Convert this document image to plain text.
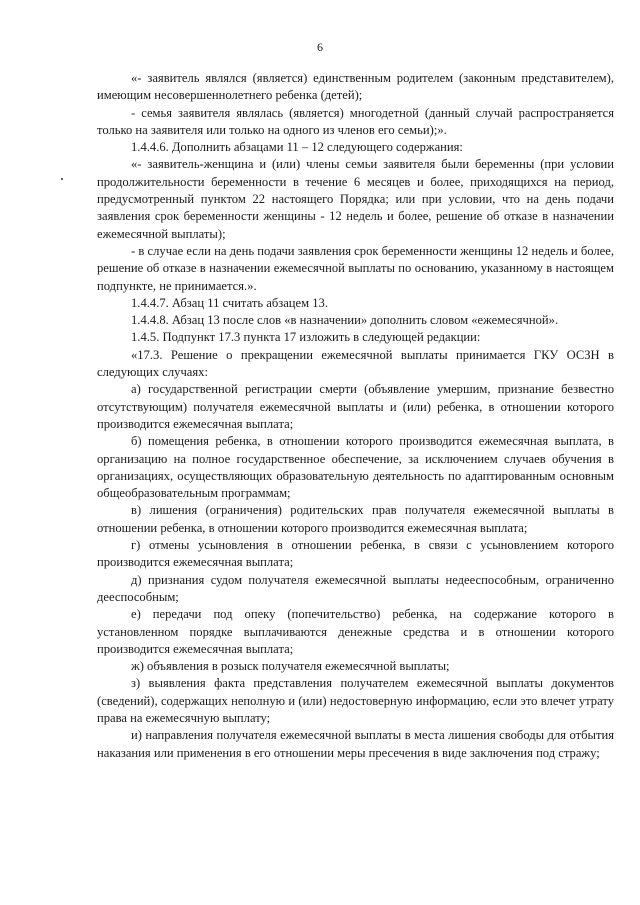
6

«- заявитель являлся (является) единственным родителем (законным представителем), имеющим несовершеннолетнего ребенка (детей);

- семья заявителя являлась (является) многодетной (данный случай распространяется только на заявителя или только на одного из членов его семьи);».

1.4.4.6. Дополнить абзацами 11 – 12 следующего содержания:

«- заявитель-женщина и (или) члены семьи заявителя были беременны (при условии продолжительности беременности в течение 6 месяцев и более, приходящихся на период, предусмотренный пунктом 22 настоящего Порядка; или при условии, что на день подачи заявления срок беременности женщины - 12 недель и более, решение об отказе в назначении ежемесячной выплаты);

- в случае если на день подачи заявления срок беременности женщины 12 недель и более, решение об отказе в назначении ежемесячной выплаты по основанию, указанному в настоящем подпункте, не принимается.».

1.4.4.7. Абзац 11 считать абзацем 13.

1.4.4.8. Абзац 13 после слов «в назначении» дополнить словом «ежемесячной».

1.4.5. Подпункт 17.3 пункта 17 изложить в следующей редакции:

«17.3. Решение о прекращении ежемесячной выплаты принимается ГКУ ОСЗН в следующих случаях:

а) государственной регистрации смерти (объявление умершим, признание безвестно отсутствующим) получателя ежемесячной выплаты и (или) ребенка, в отношении которого производится ежемесячная выплата;

б) помещения ребенка, в отношении которого производится ежемесячная выплата, в организацию на полное государственное обеспечение, за исключением случаев обучения в организациях, осуществляющих образовательную деятельность по адаптированным основным общеобразовательным программам;

в) лишения (ограничения) родительских прав получателя ежемесячной выплаты в отношении ребенка, в отношении которого производится ежемесячная выплата;

г) отмены усыновления в отношении ребенка, в связи с усыновлением которого производится ежемесячная выплата;

д) признания судом получателя ежемесячной выплаты недееспособным, ограниченно дееспособным;

е) передачи под опеку (попечительство) ребенка, на содержание которого в установленном порядке выплачиваются денежные средства и в отношении которого производится ежемесячная выплата;

ж) объявления в розыск получателя ежемесячной выплаты;

з) выявления факта представления получателем ежемесячной выплаты документов (сведений), содержащих неполную и (или) недостоверную информацию, если это влечет утрату права на ежемесячную выплату;

и) направления получателя ежемесячной выплаты в места лишения свободы для отбытия наказания или применения в его отношении меры пресечения в виде заключения под стражу;
